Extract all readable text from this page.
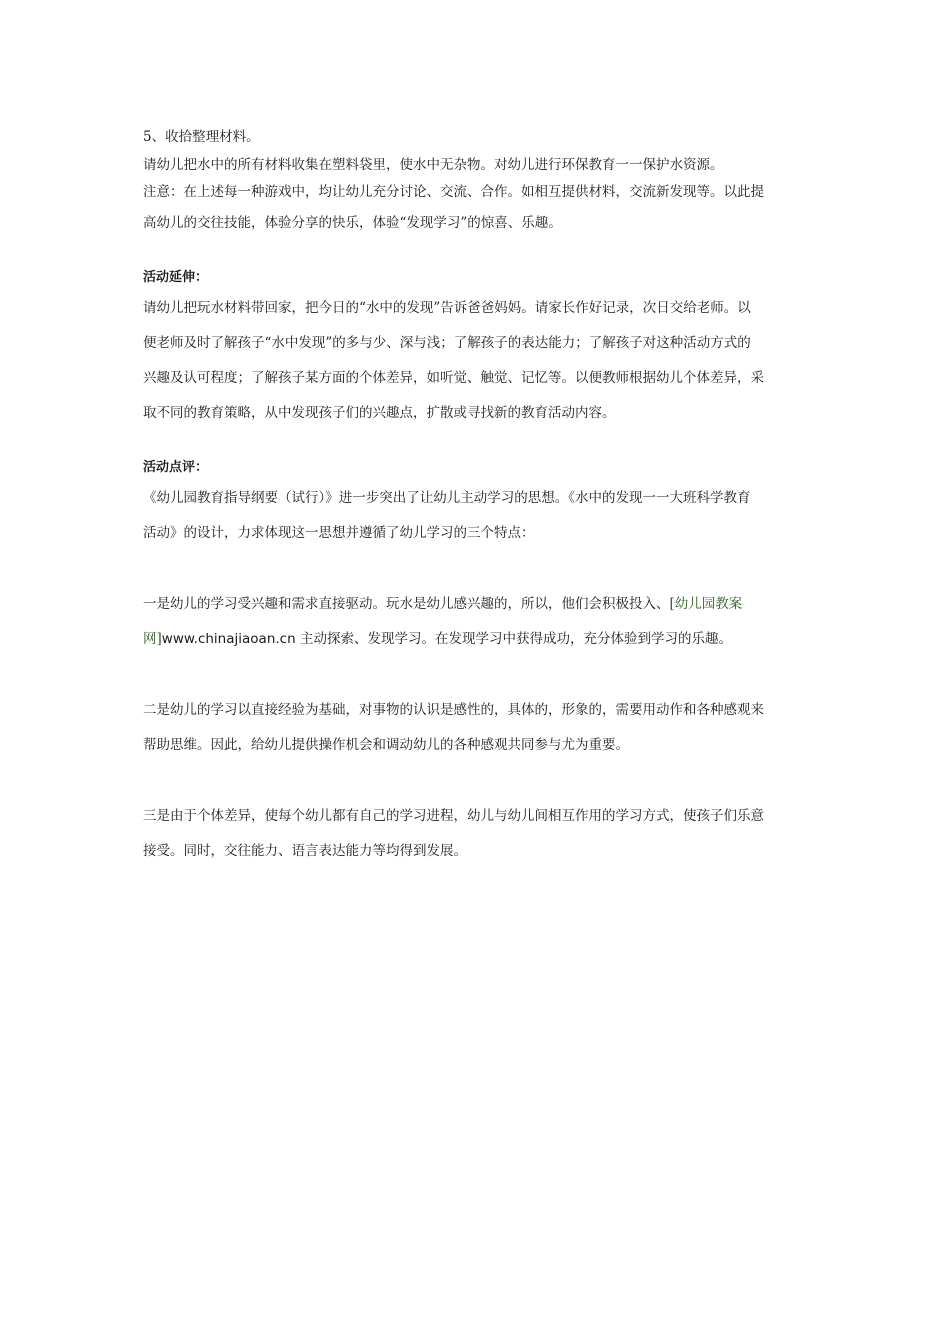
5、收拾整理材料。

请幼儿把水中的所有材料收集在塑料袋里，使水中无杂物。对幼儿进行环保教育一一保护水资源。

注意：在上述每一种游戏中，均让幼儿充分讨论、交流、合作。如相互提供材料，交流新发现等。以此提

高幼儿的交往技能，体验分享的快乐，体验“发现学习”的惊喜、乐趣。

活动延伸：

请幼儿把玩水材料带回家，把今日的“水中的发现”告诉爸爸妈妈。请家长作好记录，次日交给老师。以

便老师及时了解孩子“水中发现”的多与少、深与浅；了解孩子的表达能力；了解孩子对这种活动方式的

兴趣及认可程度；了解孩子某方面的个体差异，如听觉、触觉、记忆等。以便教师根据幼儿个体差异，采

取不同的教育策略，从中发现孩子们的兴趣点，扩散或寻找新的教育活动内容。

活动点评：

《幼儿园教育指导纲要（试行）》进一步突出了让幼儿主动学习的思想。《水中的发现一一大班科学教育

活动》的设计，力求体现这一思想并遵循了幼儿学习的三个特点：

一是幼儿的学习受兴趣和需求直接驱动。玩水是幼儿感兴趣的，所以，他们会积极投入、[幼儿园教案

网]www.chinajiaoan.cn 主动探索、发现学习。在发现学习中获得成功，充分体验到学习的乐趣。

二是幼儿的学习以直接经验为基础，对事物的认识是感性的，具体的，形象的，需要用动作和各种感观来

帮助思维。因此，给幼儿提供操作机会和调动幼儿的各种感观共同参与尤为重要。

三是由于个体差异，使每个幼儿都有自己的学习进程，幼儿与幼儿间相互作用的学习方式，使孩子们乐意

接受。同时，交往能力、语言表达能力等均得到发展。
